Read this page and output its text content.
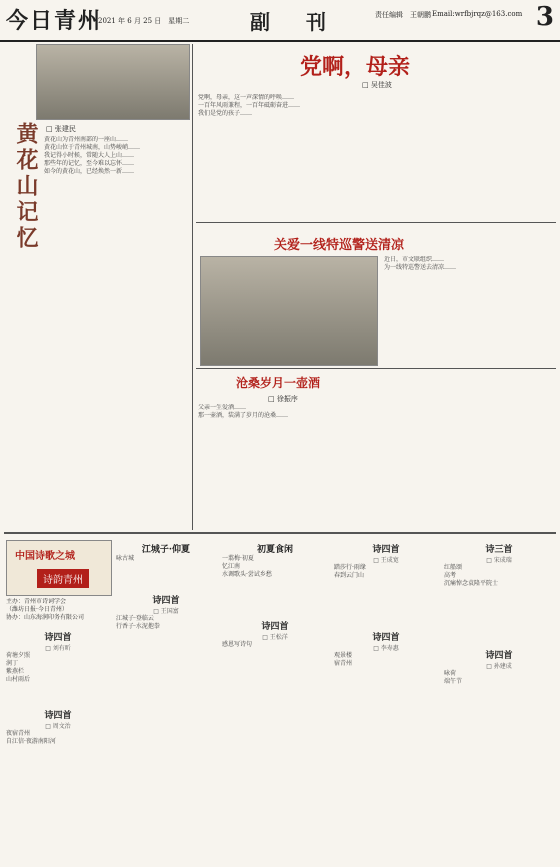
今日青州
2021 年 6 月 25 日　星期二	副　刊	责任编辑　王朝鹏 Email:wrfbjrqz@163.com 3
黄花山记忆	□ 张建民

黄花山为青州南部的一座山……

黄花山位于青州城南，山势峻峭……

我记得小时候，常随大人上山……

那些年的记忆，至今难以忘怀……

如今的黄花山，已经焕然一新……

党啊，母亲
□ 吴佳波

党啊，母亲，这一声深情的呼唤……

一百年风雨兼程，一百年砥砺奋进……

我们是党的孩子……

关爱一线特巡警送清凉

近日，市文联组织……

为一线特巡警送去清凉……

沧桑岁月一壶酒
□ 徐振序

父亲一生爱酒……

那一壶酒，装满了岁月的沧桑……

中国诗歌之城
诗韵青州

主办：青州市诗词学会

（潍坊日报·今日青州）

协办：山东海润印务有限公司

诗四首
□ 刘有昕
荷塘夕照
润丁
紫燕栏
山村雨后
诗四首
□ 周文治
夜宿青州
自江信·夜游南阳河
江城子·仰夏
咏古城
诗四首
□ 王国富
江城子·登临云
行香子·水泥抱拳
初夏食闲
一翦梅·初夏
忆江南
水调歌头·尝试乡愁
诗四首
□ 王松洋
感恩写诗句
诗四首
□ 王成宽
踏莎行·雨缘
春到云门山
诗四首
□ 李寿惠
观景楼
宿青州
诗三首
□ 宋成瑞
红船颂
高考
沉痛悼念袁隆平院士
诗四首
□ 孙建成
咏荷
端午节
